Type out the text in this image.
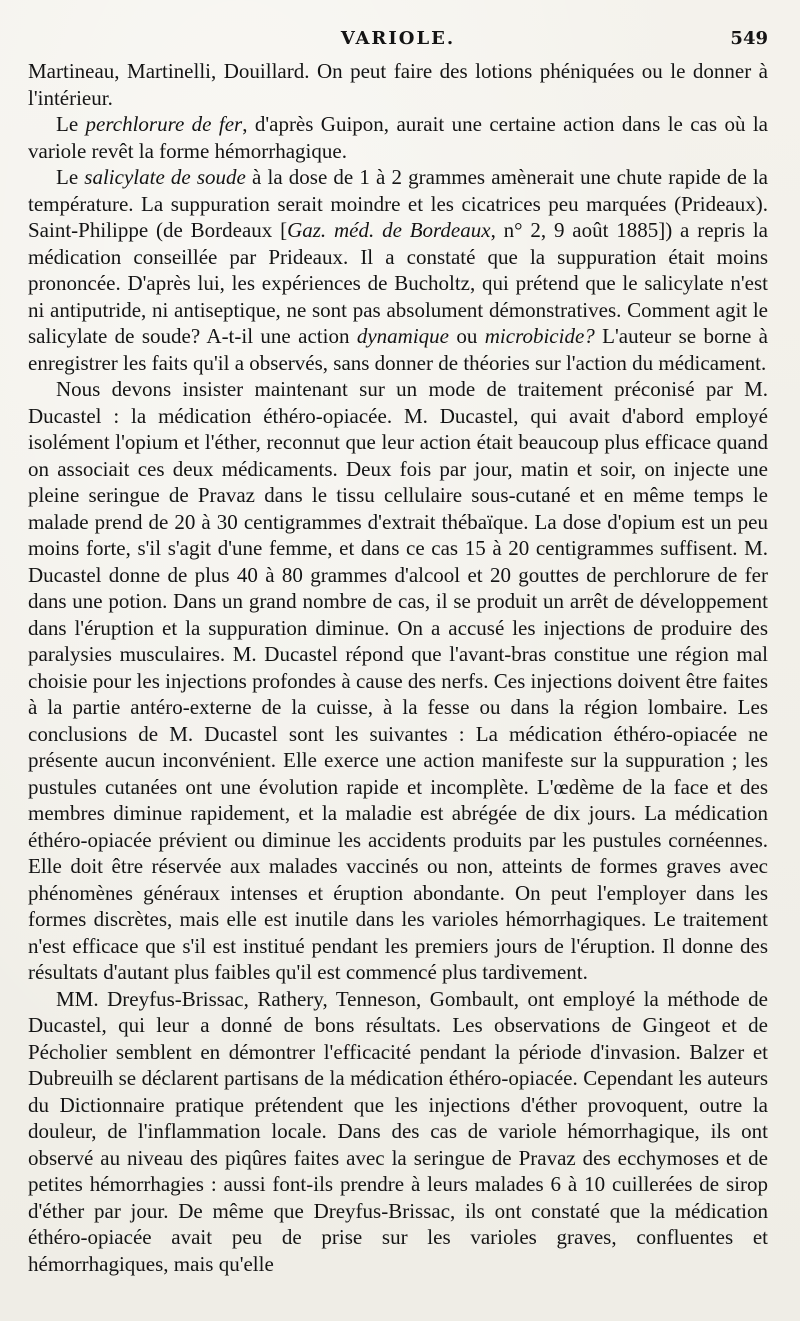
VARIOLE.	549

Martineau, Martinelli, Douillard. On peut faire des lotions phéniquées ou le donner à l'intérieur.

Le perchlorure de fer, d'après Guipon, aurait une certaine action dans le cas où la variole revêt la forme hémorrhagique.

Le salicylate de soude à la dose de 1 à 2 grammes amènerait une chute rapide de la température. La suppuration serait moindre et les cicatrices peu marquées (Prideaux). Saint-Philippe (de Bordeaux [Gaz. méd. de Bordeaux, n° 2, 9 août 1885]) a repris la médication conseillée par Prideaux. Il a constaté que la suppuration était moins prononcée. D'après lui, les expériences de Bucholtz, qui prétend que le salicylate n'est ni antiputride, ni antiseptique, ne sont pas absolument démonstratives. Comment agit le salicylate de soude? A-t-il une action dynamique ou microbicide? L'auteur se borne à enregistrer les faits qu'il a observés, sans donner de théories sur l'action du médicament.

Nous devons insister maintenant sur un mode de traitement préconisé par M. Ducastel : la médication éthéro-opiacée. M. Ducastel, qui avait d'abord employé isolément l'opium et l'éther, reconnut que leur action était beaucoup plus efficace quand on associait ces deux médicaments. Deux fois par jour, matin et soir, on injecte une pleine seringue de Pravaz dans le tissu cellulaire sous-cutané et en même temps le malade prend de 20 à 30 centigrammes d'extrait thébaïque. La dose d'opium est un peu moins forte, s'il s'agit d'une femme, et dans ce cas 15 à 20 centigrammes suffisent. M. Ducastel donne de plus 40 à 80 grammes d'alcool et 20 gouttes de perchlorure de fer dans une potion. Dans un grand nombre de cas, il se produit un arrêt de développement dans l'éruption et la suppuration diminue. On a accusé les injections de produire des paralysies musculaires. M. Ducastel répond que l'avant-bras constitue une région mal choisie pour les injections profondes à cause des nerfs. Ces injections doivent être faites à la partie antéro-externe de la cuisse, à la fesse ou dans la région lombaire. Les conclusions de M. Ducastel sont les suivantes : La médication éthéro-opiacée ne présente aucun inconvénient. Elle exerce une action manifeste sur la suppuration ; les pustules cutanées ont une évolution rapide et incomplète. L'œdème de la face et des membres diminue rapidement, et la maladie est abrégée de dix jours. La médication éthéro-opiacée prévient ou diminue les accidents produits par les pustules cornéennes. Elle doit être réservée aux malades vaccinés ou non, atteints de formes graves avec phénomènes généraux intenses et éruption abondante. On peut l'employer dans les formes discrètes, mais elle est inutile dans les varioles hémorrhagiques. Le traitement n'est efficace que s'il est institué pendant les premiers jours de l'éruption. Il donne des résultats d'autant plus faibles qu'il est commencé plus tardivement.

MM. Dreyfus-Brissac, Rathery, Tenneson, Gombault, ont employé la méthode de Ducastel, qui leur a donné de bons résultats. Les observations de Gingeot et de Pécholier semblent en démontrer l'efficacité pendant la période d'invasion. Balzer et Dubreuilh se déclarent partisans de la médication éthéro-opiacée. Cependant les auteurs du Dictionnaire pratique prétendent que les injections d'éther provoquent, outre la douleur, de l'inflammation locale. Dans des cas de variole hémorrhagique, ils ont observé au niveau des piqûres faites avec la seringue de Pravaz des ecchymoses et de petites hémorrhagies : aussi font-ils prendre à leurs malades 6 à 10 cuillerées de sirop d'éther par jour. De même que Dreyfus-Brissac, ils ont constaté que la médication éthéro-opiacée avait peu de prise sur les varioles graves, confluentes et hémorrhagiques, mais qu'elle
